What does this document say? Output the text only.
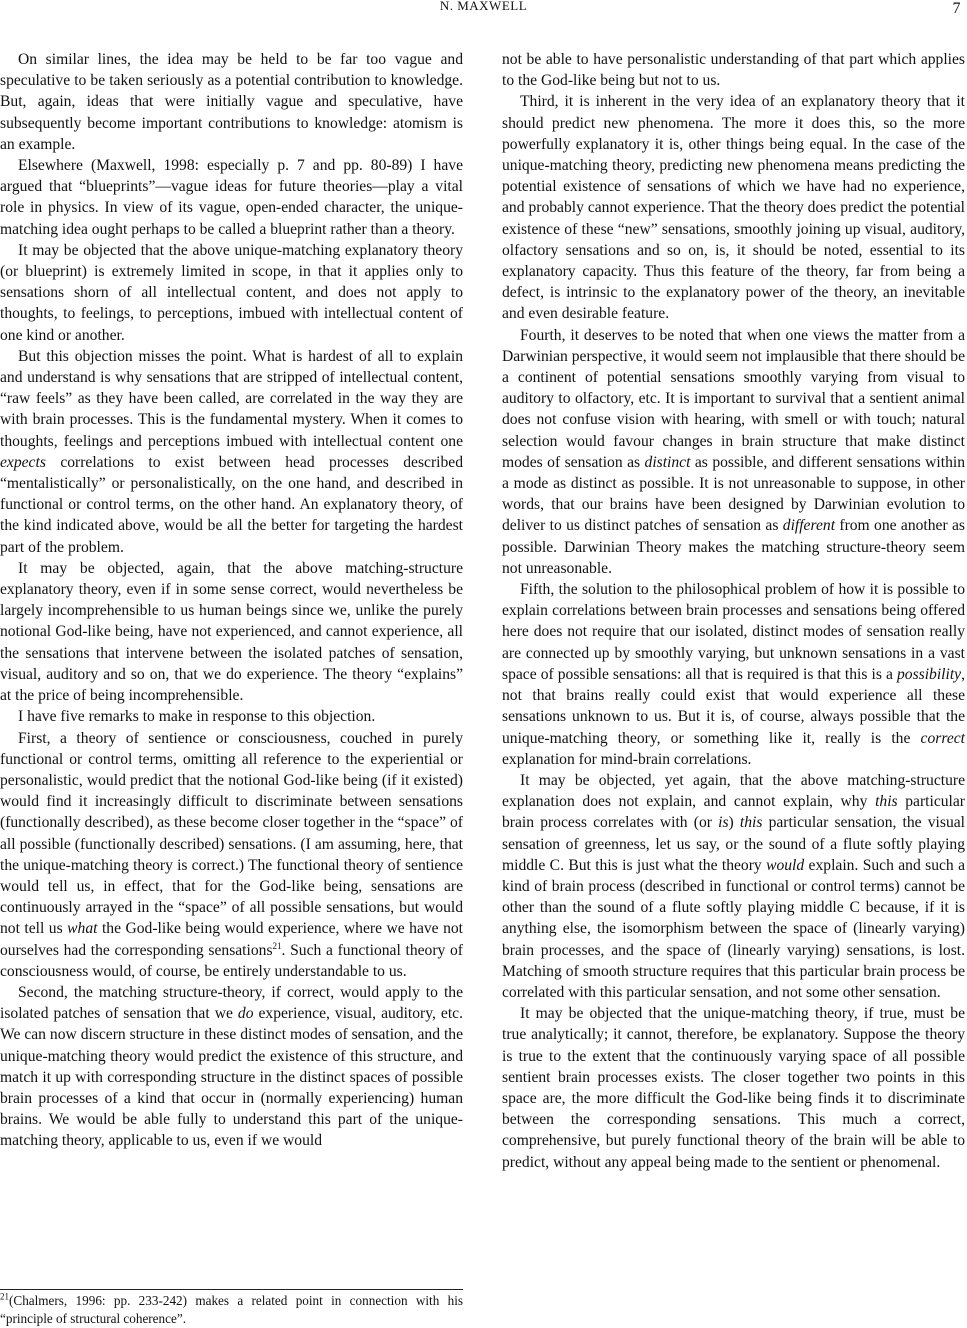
N. MAXWELL	7

On similar lines, the idea may be held to be far too vague and speculative to be taken seriously as a potential contribution to knowledge. But, again, ideas that were initially vague and speculative, have subsequently become important contributions to knowledge: atomism is an example.

Elsewhere (Maxwell, 1998: especially p. 7 and pp. 80-89) I have argued that “blueprints”—vague ideas for future theories—play a vital role in physics. In view of its vague, open-ended character, the unique-matching idea ought perhaps to be called a blueprint rather than a theory.

It may be objected that the above unique-matching explanatory theory (or blueprint) is extremely limited in scope, in that it applies only to sensations shorn of all intellectual content, and does not apply to thoughts, to feelings, to perceptions, imbued with intellectual content of one kind or another.

But this objection misses the point. What is hardest of all to explain and understand is why sensations that are stripped of intellectual content, “raw feels” as they have been called, are correlated in the way they are with brain processes. This is the fundamental mystery. When it comes to thoughts, feelings and perceptions imbued with intellectual content one expects correlations to exist between head processes described “mentalistically” or personalistically, on the one hand, and described in functional or control terms, on the other hand. An explanatory theory, of the kind indicated above, would be all the better for targeting the hardest part of the problem.

It may be objected, again, that the above matching-structure explanatory theory, even if in some sense correct, would nevertheless be largely incomprehensible to us human beings since we, unlike the purely notional God-like being, have not experienced, and cannot experience, all the sensations that intervene between the isolated patches of sensation, visual, auditory and so on, that we do experience. The theory “explains” at the price of being incomprehensible.

I have five remarks to make in response to this objection.

First, a theory of sentience or consciousness, couched in purely functional or control terms, omitting all reference to the experiential or personalistic, would predict that the notional God-like being (if it existed) would find it increasingly difficult to discriminate between sensations (functionally described), as these become closer together in the “space” of all possible (functionally described) sensations. (I am assuming, here, that the unique-matching theory is correct.) The functional theory of sentience would tell us, in effect, that for the God-like being, sensations are continuously arrayed in the “space” of all possible sensations, but would not tell us what the God-like being would experience, where we have not ourselves had the corresponding sensations$^{21}$. Such a functional theory of consciousness would, of course, be entirely understandable to us.

Second, the matching structure-theory, if correct, would apply to the isolated patches of sensation that we do experience, visual, auditory, etc. We can now discern structure in these distinct modes of sensation, and the unique-matching theory would predict the existence of this structure, and match it up with corresponding structure in the distinct spaces of possible brain processes of a kind that occur in (normally experiencing) human brains. We would be able fully to understand this part of the unique-matching theory, applicable to us, even if we would

not be able to have personalistic understanding of that part which applies to the God-like being but not to us.

Third, it is inherent in the very idea of an explanatory theory that it should predict new phenomena. The more it does this, so the more powerfully explanatory it is, other things being equal. In the case of the unique-matching theory, predicting new phenomena means predicting the potential existence of sensations of which we have had no experience, and probably cannot experience. That the theory does predict the potential existence of these “new” sensations, smoothly joining up visual, auditory, olfactory sensations and so on, is, it should be noted, essential to its explanatory capacity. Thus this feature of the theory, far from being a defect, is intrinsic to the explanatory power of the theory, an inevitable and even desirable feature.

Fourth, it deserves to be noted that when one views the matter from a Darwinian perspective, it would seem not implausible that there should be a continent of potential sensations smoothly varying from visual to auditory to olfactory, etc. It is important to survival that a sentient animal does not confuse vision with hearing, with smell or with touch; natural selection would favour changes in brain structure that make distinct modes of sensation as distinct as possible, and different sensations within a mode as distinct as possible. It is not unreasonable to suppose, in other words, that our brains have been designed by Darwinian evolution to deliver to us distinct patches of sensation as different from one another as possible. Darwinian Theory makes the matching structure-theory seem not unreasonable.

Fifth, the solution to the philosophical problem of how it is possible to explain correlations between brain processes and sensations being offered here does not require that our isolated, distinct modes of sensation really are connected up by smoothly varying, but unknown sensations in a vast space of possible sensations: all that is required is that this is a possibility, not that brains really could exist that would experience all these sensations unknown to us. But it is, of course, always possible that the unique-matching theory, or something like it, really is the correct explanation for mind-brain correlations.

It may be objected, yet again, that the above matching-structure explanation does not explain, and cannot explain, why this particular brain process correlates with (or is) this particular sensation, the visual sensation of greenness, let us say, or the sound of a flute softly playing middle C. But this is just what the theory would explain. Such and such a kind of brain process (described in functional or control terms) cannot be other than the sound of a flute softly playing middle C because, if it is anything else, the isomorphism between the space of (linearly varying) brain processes, and the space of (linearly varying) sensations, is lost. Matching of smooth structure requires that this particular brain process be correlated with this particular sensation, and not some other sensation.

It may be objected that the unique-matching theory, if true, must be true analytically; it cannot, therefore, be explanatory. Suppose the theory is true to the extent that the continuously varying space of all possible sentient brain processes exists. The closer together two points in this space are, the more difficult the God-like being finds it to discriminate between the corresponding sensations. This much a correct, comprehensive, but purely functional theory of the brain will be able to predict, without any appeal being made to the sentient or phenomenal.

$^{21}$(Chalmers, 1996: pp. 233-242) makes a related point in connection with his “principle of structural coherence”.
